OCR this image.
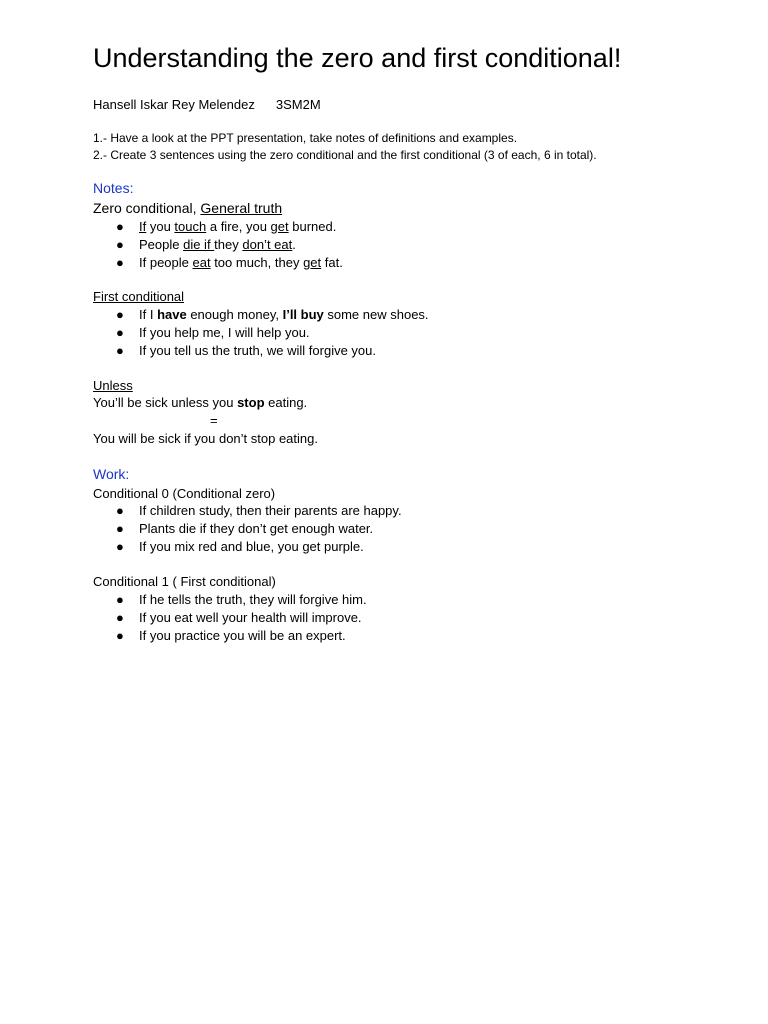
Understanding the zero and first conditional!
Hansell Iskar Rey Melendez 3SM2M
1.- Have a look at the PPT presentation, take notes of definitions and examples.
2.- Create 3 sentences using the zero conditional and the first conditional (3 of each, 6 in total).
Notes:
Zero conditional, General truth
● If you touch a fire, you get burned.
● People die if they don’t eat.
● If people eat too much, they get fat.
First conditional
● If I have enough money, I’ll buy some new shoes.
● If you help me, I will help you.
● If you tell us the truth, we will forgive you.
Unless
You’ll be sick unless you stop eating.
=
You will be sick if you don’t stop eating.
Work:
Conditional 0 (Conditional zero)
● If children study, then their parents are happy.
● Plants die if they don’t get enough water.
● If you mix red and blue, you get purple.
Conditional 1 ( First conditional)
● If he tells the truth, they will forgive him.
● If you eat well your health will improve.
● If you practice you will be an expert.
